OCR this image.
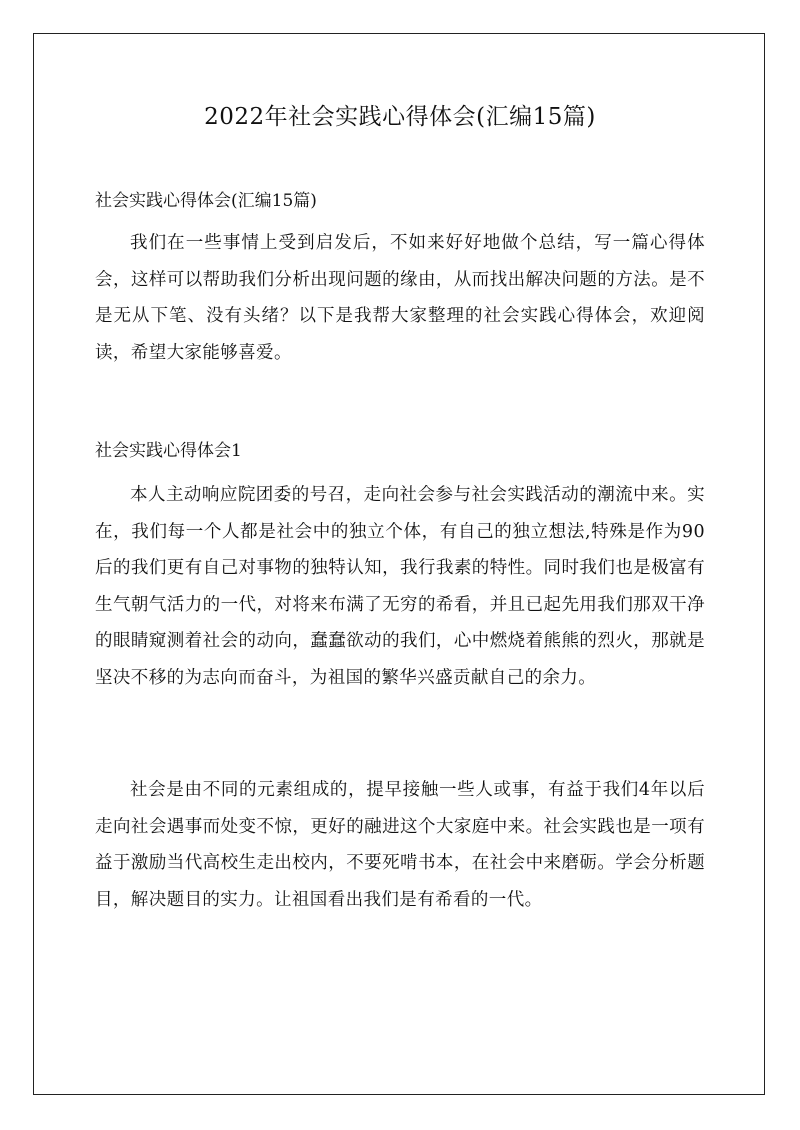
2022年社会实践心得体会(汇编15篇)
社会实践心得体会(汇编15篇)

我们在一些事情上受到启发后，不如来好好地做个总结，写一篇心得体会，这样可以帮助我们分析出现问题的缘由，从而找出解决问题的方法。是不是无从下笔、没有头绪？以下是我帮大家整理的社会实践心得体会，欢迎阅读，希望大家能够喜爱。

社会实践心得体会1

本人主动响应院团委的号召，走向社会参与社会实践活动的潮流中来。实在，我们每一个人都是社会中的独立个体，有自己的独立想法,特殊是作为90后的我们更有自己对事物的独特认知，我行我素的特性。同时我们也是极富有生气朝气活力的一代，对将来布满了无穷的希看，并且已起先用我们那双干净的眼睛窥测着社会的动向，蠢蠢欲动的我们，心中燃烧着熊熊的烈火，那就是坚决不移的为志向而奋斗，为祖国的繁华兴盛贡献自己的余力。

社会是由不同的元素组成的，提早接触一些人或事，有益于我们4年以后走向社会遇事而处变不惊，更好的融进这个大家庭中来。社会实践也是一项有益于激励当代高校生走出校内，不要死啃书本，在社会中来磨砺。学会分析题目，解决题目的实力。让祖国看出我们是有希看的一代。
